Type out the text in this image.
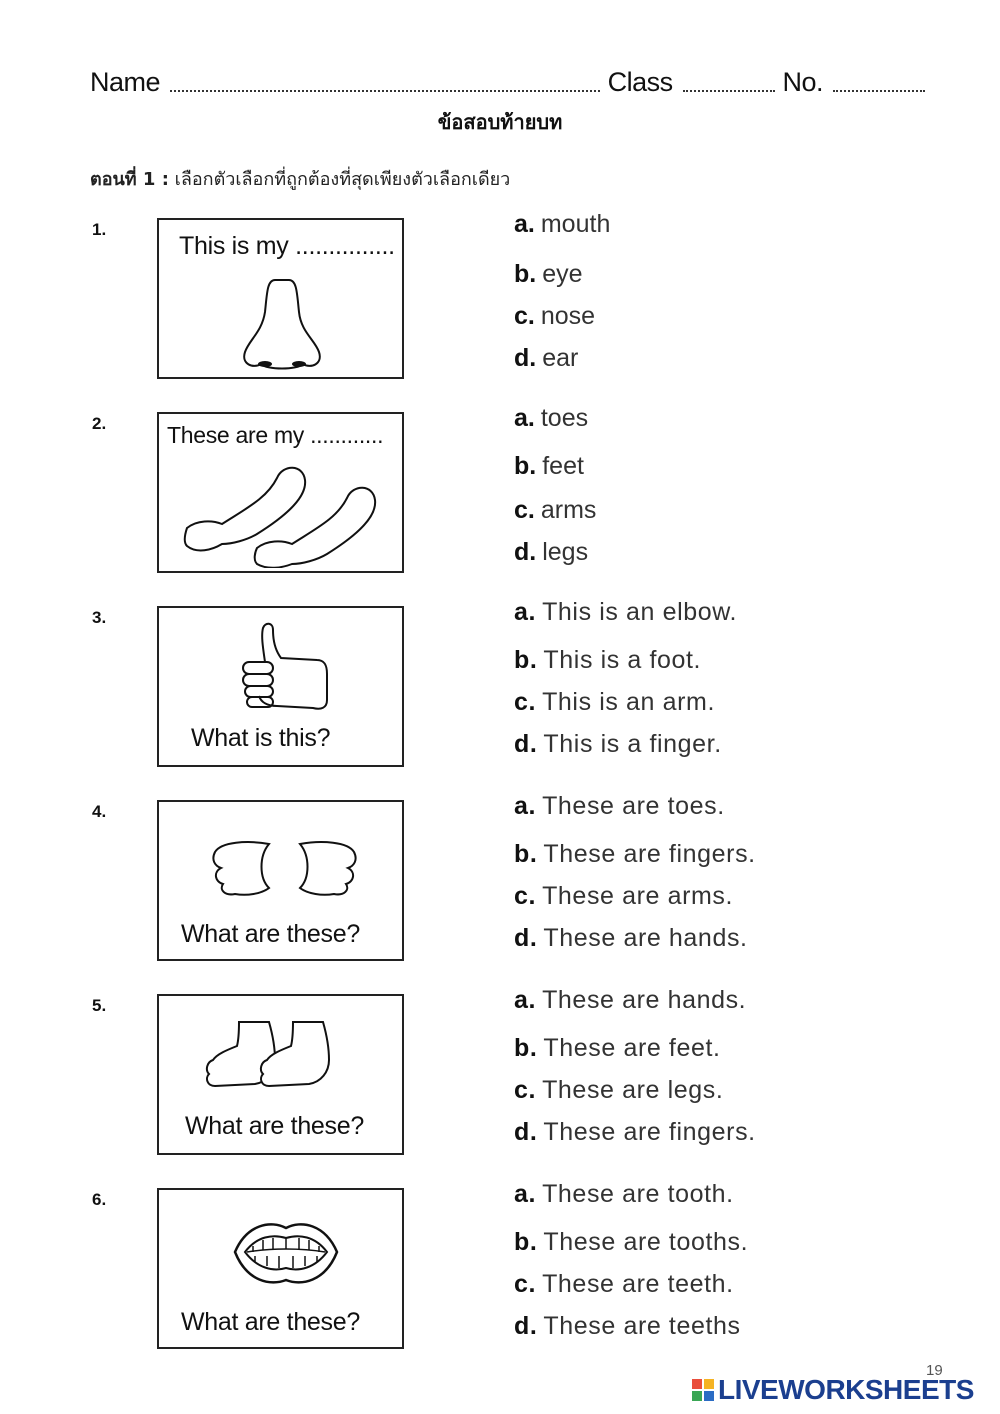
Name	Class	No.
ข้อสอบท้ายบท
ตอนที่ 1 : เลือกตัวเลือกที่ถูกต้องที่สุดเพียงตัวเลือกเดียว
1.
This is my ...............
a. mouth
b. eye
c. nose
d. ear
2.	These are my ............
a. toes
b. feet
c. arms
d. legs
3.
What is this?
a. This is an elbow.
b. This is a foot.
c. This is an arm.
d. This is a finger.
4.
What are these?
a. These are toes.
b. These are fingers.
c. These are arms.
d. These are hands.
5.
What are these?
a. These are hands.
b. These are feet.
c. These are legs.
d. These are fingers.
6.
What are these?
a. These are tooth.
b. These are tooths.
c. These are teeth.
d. These are teeths
19
LIVEWORKSHEETS
